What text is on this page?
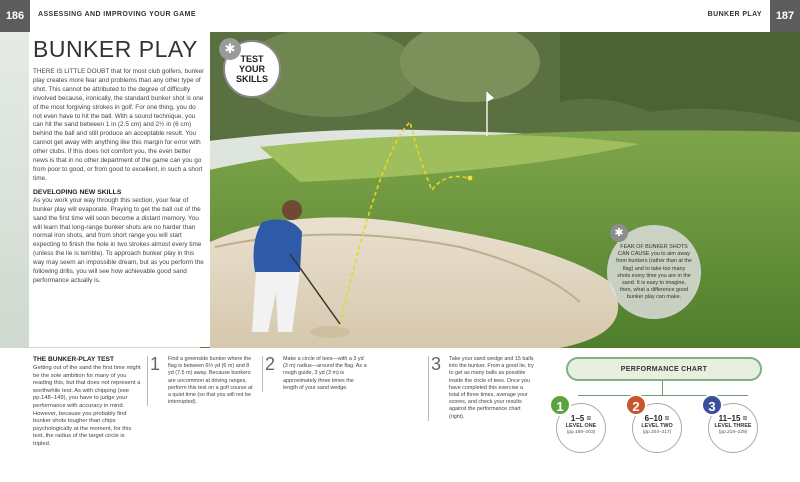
186	ASSESSING AND IMPROVING YOUR GAME	BUNKER PLAY	187
BUNKER PLAY

THERE IS LITTLE DOUBT that for most club golfers, bunker play creates more fear and problems than any other type of shot. This cannot be attributed to the degree of difficulty involved because, ironically, the standard bunker shot is one of the most forgiving strokes in golf. For one thing, you do not even have to hit the ball. With a sound technique, you can hit the sand between 1 in (2.5 cm) and 2½ in (6 cm) behind the ball and still produce an acceptable result. You cannot get away with anything like this margin for error with other clubs. If this does not comfort you, the even better news is that in no other department of the game can you go from poor to good, or from good to excellent, in such a short time.

DEVELOPING NEW SKILLS

As you work your way through this section, your fear of bunker play will evaporate. Praying to get the ball out of the sand the first time will soon become a distant memory. You will learn that long-range bunker shots are no harder than normal iron shots, and from short range you will start expecting to finish the hole in two strokes almost every time (unless the lie is terrible). To approach bunker play in this way may seem an impossible dream, but as you perform the following drills, you will see how achievable good sand performance actually is.

✱
TEST
YOUR
SKILLS
✱
FEAR OF BUNKER SHOTS CAN CAUSE you to aim away from bunkers (rather than at the flag) and to take too many shots every time you are in the sand. It is easy to imagine, then, what a difference good bunker play can make.
THE BUNKER-PLAY TEST
Getting out of the sand the first time might be the sole ambition for many of you reading this, but that does not represent a worthwhile test. As with chipping (see pp.148–149), you have to judge your performance with accuracy in mind. However, because you probably find bunker shots tougher than chips psychologically at the moment, for this test, the radius of the target circle is tripled.
1	Find a greenside bunker where the flag is between 6⅔ yd (6 m) and 8 yd (7.5 m) away. Because bunkers are uncommon at driving ranges, perform this test on a golf course at a quiet time (so that you will not be interrupted).
2	Make a circle of tees—with a 3 yd (3 m) radius—around the flag. As a rough guide, 3 yd (3 m) is approximately three times the length of your sand wedge.
3	Take your sand wedge and 15 balls into the bunker. From a good lie, try to get as many balls as possible inside the circle of tees. Once you have completed this exercise a total of three times, average your scores, and check your results against the performance chart (right).
PERFORMANCE CHART
1
1–5 =
LEVEL ONE
(pp.188–203)
2
6–10 =
LEVEL TWO
(pp.204–217)
3
11–15 =
LEVEL THREE
(pp.218–229)
